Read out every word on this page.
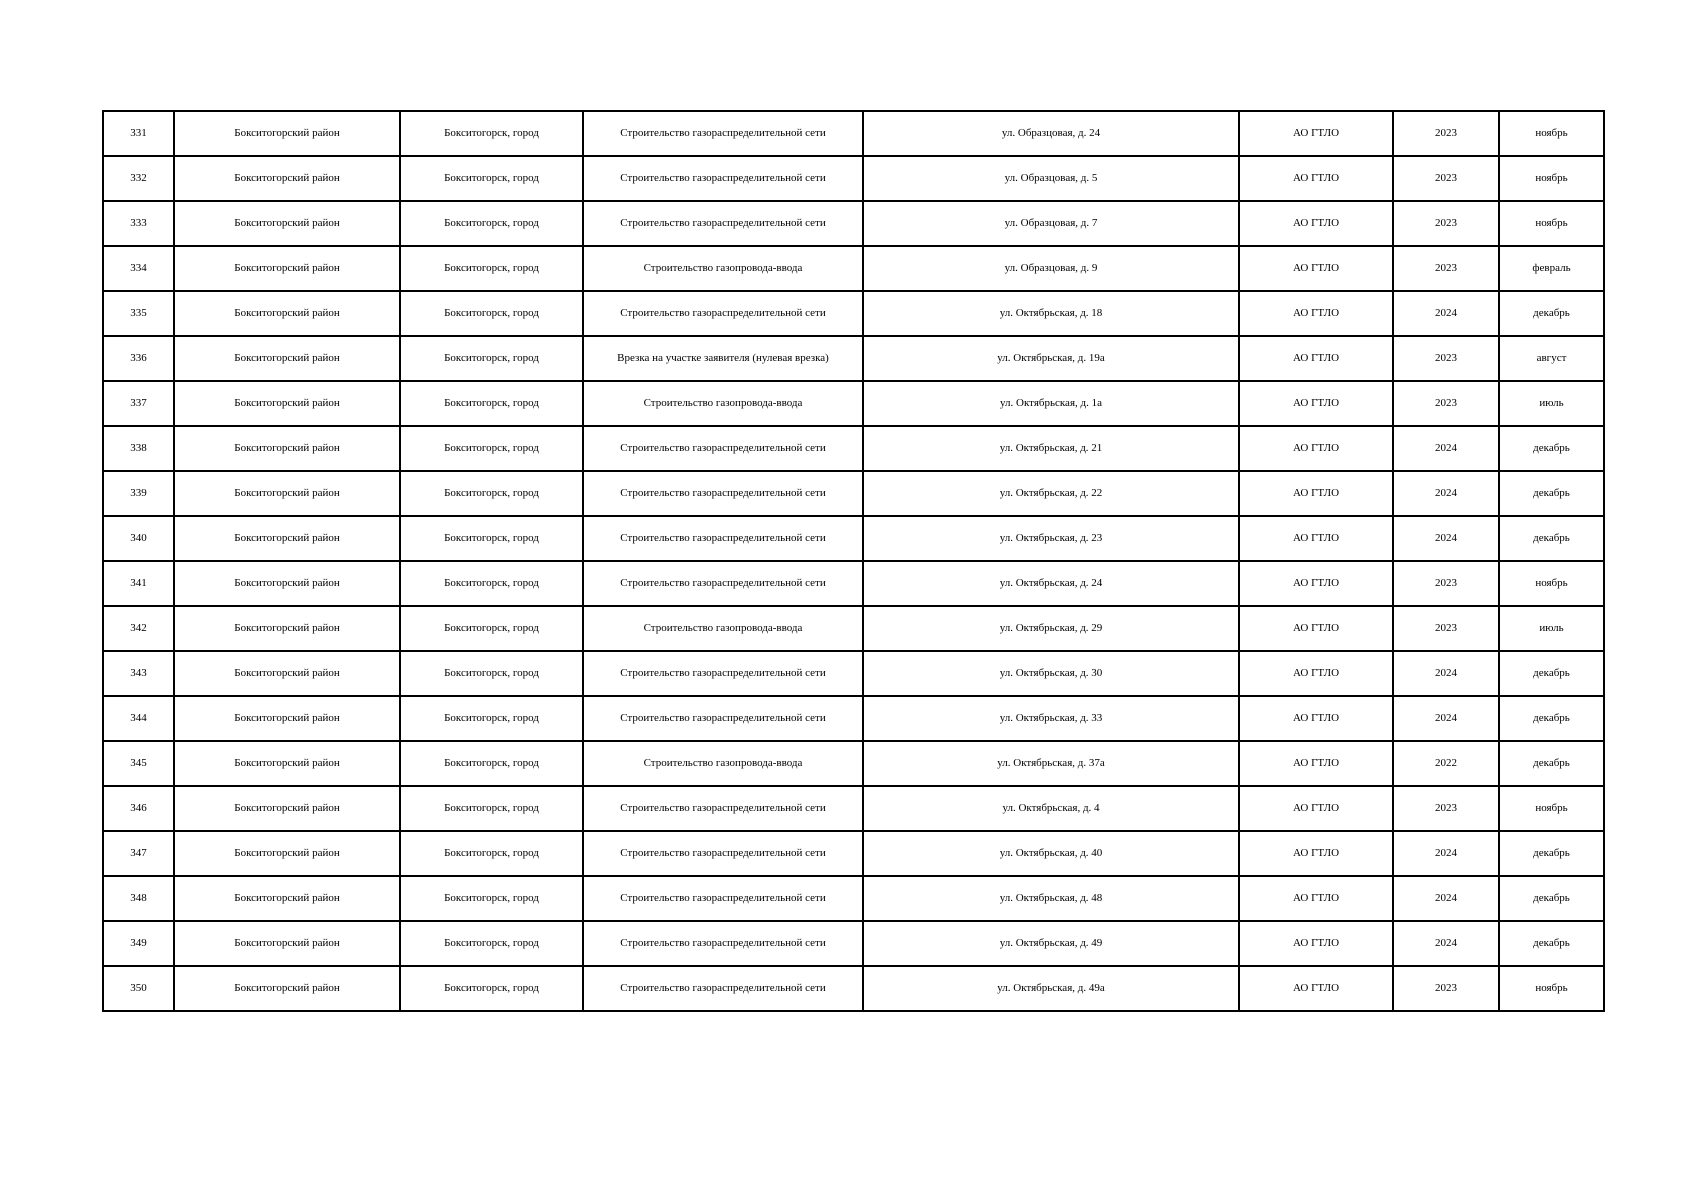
331	Бокситогорский район	Бокситогорск, город	Строительство газораспределительной сети	ул. Образцовая, д. 24	АО ГТЛО	2023	ноябрь
332	Бокситогорский район	Бокситогорск, город	Строительство газораспределительной сети	ул. Образцовая, д. 5	АО ГТЛО	2023	ноябрь
333	Бокситогорский район	Бокситогорск, город	Строительство газораспределительной сети	ул. Образцовая, д. 7	АО ГТЛО	2023	ноябрь
334	Бокситогорский район	Бокситогорск, город	Строительство газопровода-ввода	ул. Образцовая, д. 9	АО ГТЛО	2023	февраль
335	Бокситогорский район	Бокситогорск, город	Строительство газораспределительной сети	ул. Октябрьская, д. 18	АО ГТЛО	2024	декабрь
336	Бокситогорский район	Бокситогорск, город	Врезка на участке заявителя (нулевая врезка)	ул. Октябрьская, д. 19а	АО ГТЛО	2023	август
337	Бокситогорский район	Бокситогорск, город	Строительство газопровода-ввода	ул. Октябрьская, д. 1а	АО ГТЛО	2023	июль
338	Бокситогорский район	Бокситогорск, город	Строительство газораспределительной сети	ул. Октябрьская, д. 21	АО ГТЛО	2024	декабрь
339	Бокситогорский район	Бокситогорск, город	Строительство газораспределительной сети	ул. Октябрьская, д. 22	АО ГТЛО	2024	декабрь
340	Бокситогорский район	Бокситогорск, город	Строительство газораспределительной сети	ул. Октябрьская, д. 23	АО ГТЛО	2024	декабрь
341	Бокситогорский район	Бокситогорск, город	Строительство газораспределительной сети	ул. Октябрьская, д. 24	АО ГТЛО	2023	ноябрь
342	Бокситогорский район	Бокситогорск, город	Строительство газопровода-ввода	ул. Октябрьская, д. 29	АО ГТЛО	2023	июль
343	Бокситогорский район	Бокситогорск, город	Строительство газораспределительной сети	ул. Октябрьская, д. 30	АО ГТЛО	2024	декабрь
344	Бокситогорский район	Бокситогорск, город	Строительство газораспределительной сети	ул. Октябрьская, д. 33	АО ГТЛО	2024	декабрь
345	Бокситогорский район	Бокситогорск, город	Строительство газопровода-ввода	ул. Октябрьская, д. 37а	АО ГТЛО	2022	декабрь
346	Бокситогорский район	Бокситогорск, город	Строительство газораспределительной сети	ул. Октябрьская, д. 4	АО ГТЛО	2023	ноябрь
347	Бокситогорский район	Бокситогорск, город	Строительство газораспределительной сети	ул. Октябрьская, д. 40	АО ГТЛО	2024	декабрь
348	Бокситогорский район	Бокситогорск, город	Строительство газораспределительной сети	ул. Октябрьская, д. 48	АО ГТЛО	2024	декабрь
349	Бокситогорский район	Бокситогорск, город	Строительство газораспределительной сети	ул. Октябрьская, д. 49	АО ГТЛО	2024	декабрь
350	Бокситогорский район	Бокситогорск, город	Строительство газораспределительной сети	ул. Октябрьская, д. 49а	АО ГТЛО	2023	ноябрь
